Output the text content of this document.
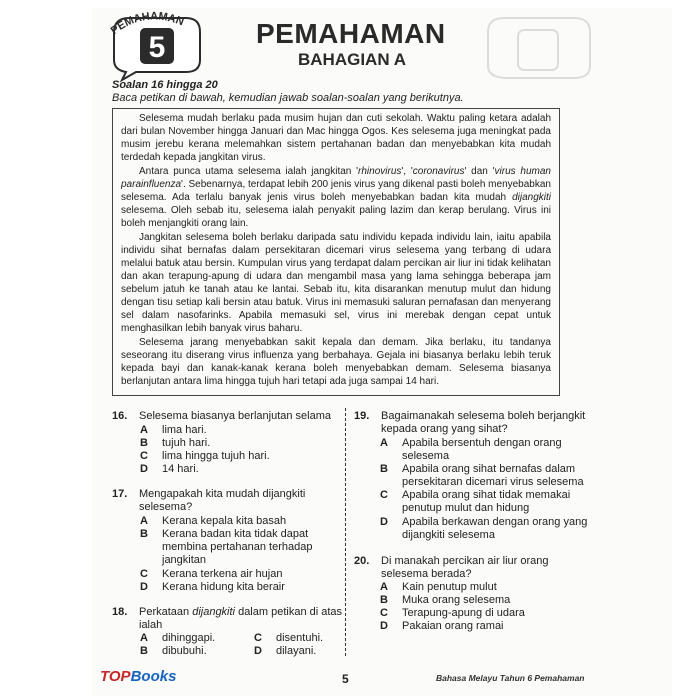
PEMAHAMAN
5	PEMAHAMAN
BAHAGIAN A
Soalan 16 hingga 20
Baca petikan di bawah, kemudian jawab soalan-soalan yang berikutnya.

Selesema mudah berlaku pada musim hujan dan cuti sekolah. Waktu paling ketara adalah dari bulan November hingga Januari dan Mac hingga Ogos. Kes selesema juga meningkat pada musim jerebu kerana melemahkan sistem pertahanan badan dan menyebabkan kita mudah terdedah kepada jangkitan virus.

Antara punca utama selesema ialah jangkitan 'rhinovirus', 'coronavirus' dan 'virus human parainfluenza'. Sebenarnya, terdapat lebih 200 jenis virus yang dikenal pasti boleh menyebabkan selesema. Ada terlalu banyak jenis virus boleh menyebabkan badan kita mudah dijangkiti selesema. Oleh sebab itu, selesema ialah penyakit paling lazim dan kerap berulang. Virus ini boleh menjangkiti orang lain.

Jangkitan selesema boleh berlaku daripada satu individu kepada individu lain, iaitu apabila individu sihat bernafas dalam persekitaran dicemari virus selesema yang terbang di udara melalui batuk atau bersin. Kumpulan virus yang terdapat dalam percikan air liur ini tidak kelihatan dan akan terapung-apung di udara dan mengambil masa yang lama sehingga beberapa jam sebelum jatuh ke tanah atau ke lantai. Sebab itu, kita disarankan menutup mulut dan hidung dengan tisu setiap kali bersin atau batuk. Virus ini memasuki saluran pernafasan dan menyerang sel dalam nasofarinks. Apabila memasuki sel, virus ini merebak dengan cepat untuk menghasilkan lebih banyak virus baharu.

Selesema jarang menyebabkan sakit kepala dan demam. Jika berlaku, itu tandanya seseorang itu diserang virus influenza yang berbahaya. Gejala ini biasanya berlaku lebih teruk kepada bayi dan kanak-kanak kerana boleh menyebabkan demam. Selesema biasanya berlanjutan antara lima hingga tujuh hari tetapi ada juga sampai 14 hari.

16. Selesema biasanya berlanjutan selama
A lima hari.
B tujuh hari.
C lima hingga tujuh hari.
D 14 hari.
17. Mengapakah kita mudah dijangkiti
selesema?
A Kerana kepala kita basah
B Kerana badan kita tidak dapat
membina pertahanan terhadap
jangkitan
C Kerana terkena air hujan
D Kerana hidung kita berair
18. Perkataan dijangkiti dalam petikan di atas
ialah
A dihinggapi.
B dibubuhi.
C disentuhi.
D dilayani.
19. Bagaimanakah selesema boleh berjangkit
kepada orang yang sihat?
A Apabila bersentuh dengan orang
selesema
B Apabila orang sihat bernafas dalam
persekitaran dicemari virus selesema
C Apabila orang sihat tidak memakai
penutup mulut dan hidung
D Apabila berkawan dengan orang yang
dijangkiti selesema
20. Di manakah percikan air liur orang
selesema berada?
A Kain penutup mulut
B Muka orang selesema
C Terapung-apung di udara
D Pakaian orang ramai
TOPBooks	5	Bahasa Melayu Tahun 6 Pemahaman
